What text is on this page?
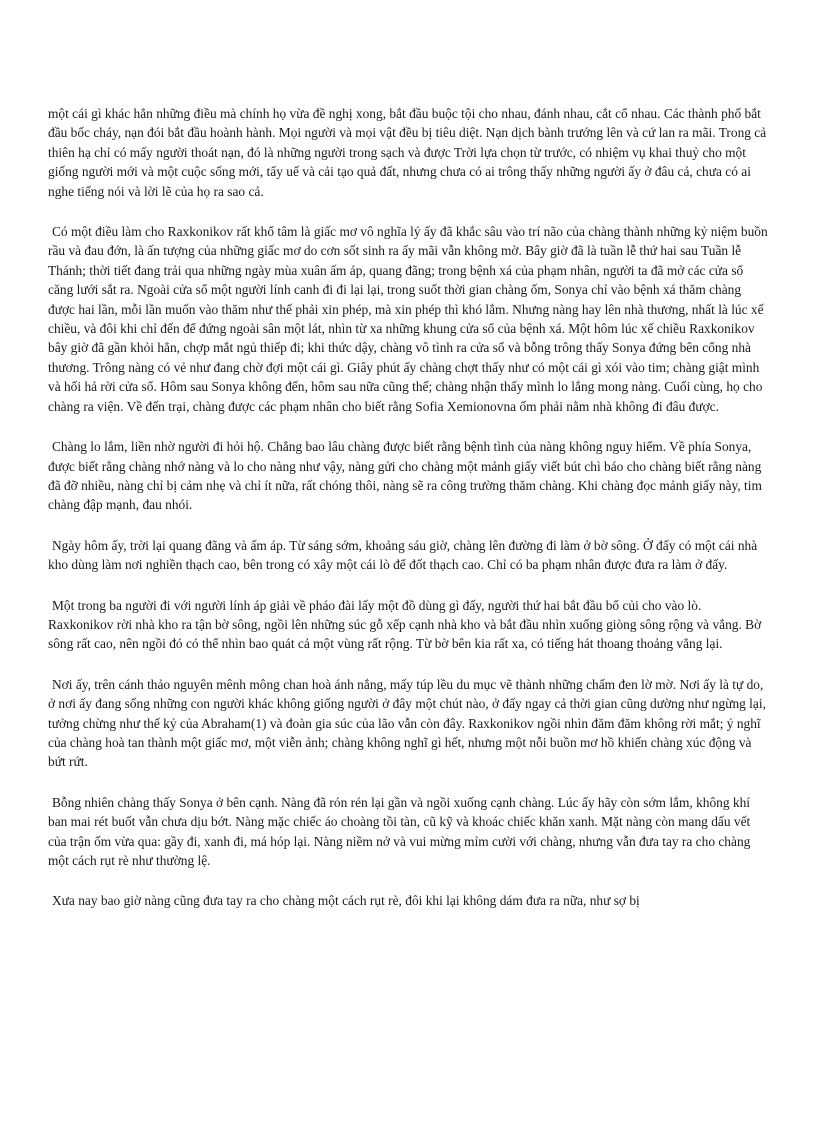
một cái gì khác hẳn những điều mà chính họ vừa đề nghị xong, bắt đầu buộc tội cho nhau, đánh nhau, cắt cổ nhau. Các thành phố bắt đầu bốc cháy, nạn đói bắt đầu hoành hành. Mọi người và mọi vật đều bị tiêu diệt. Nạn dịch bành trướng lên và cứ lan ra mãi. Trong cả thiên hạ chỉ có mấy người thoát nạn, đó là những người trong sạch và được Trời lựa chọn từ trước, có nhiệm vụ khai thuỷ cho một giống người mới và một cuộc sống mới, tẩy uế và cải tạo quả đất, nhưng chưa có ai trông thấy những người ấy ở đâu cả, chưa có ai nghe tiếng nói và lời lẽ của họ ra sao cả.

Có một điều làm cho Raxkonikov rất khổ tâm là giấc mơ vô nghĩa lý ấy đã khắc sâu vào trí não của chàng thành những kỷ niệm buồn rầu và đau đớn, là ấn tượng của những giấc mơ do cơn sốt sinh ra ấy mãi vẫn không mờ. Bây giờ đã là tuần lễ thứ hai sau Tuần lễ Thánh; thời tiết đang trải qua những ngày mùa xuân ấm áp, quang đãng; trong bệnh xá của phạm nhân, người ta đã mở các cửa sổ căng lưới sắt ra. Ngoài cửa sổ một người lính canh đi đi lại lại, trong suốt thời gian chàng ốm, Sonya chỉ vào bệnh xá thăm chàng được hai lần, mỗi lần muốn vào thăm như thế phải xin phép, mà xin phép thì khó lắm. Nhưng nàng hay lên nhà thương, nhất là lúc xế chiều, và đôi khi chỉ đến để đứng ngoài sân một lát, nhìn từ xa những khung cửa sổ của bệnh xá. Một hôm lúc xế chiều Raxkonikov bây giờ đã gần khỏi hẳn, chợp mắt ngủ thiếp đi; khi thức dậy, chàng vô tình ra cửa sổ và bỗng trông thấy Sonya đứng bên cổng nhà thương. Trông nàng có vẻ như đang chờ đợi một cái gì. Giây phút ấy chàng chợt thấy như có một cái gì xói vào tim; chàng giật mình và hối hả rời cửa sổ. Hôm sau Sonya không đến, hôm sau nữa cũng thế; chàng nhận thấy mình lo lắng mong nàng. Cuối cùng, họ cho chàng ra viện. Về đến trại, chàng được các phạm nhân cho biết rằng Sofia Xemionovna ốm phải nằm nhà không đi đâu được.

Chàng lo lắm, liền nhờ người đi hỏi hộ. Chẳng bao lâu chàng được biết rằng bệnh tình của nàng không nguy hiểm. Về phía Sonya, được biết rằng chàng nhớ nàng và lo cho nàng như vậy, nàng gửi cho chàng một mảnh giấy viết bút chì báo cho chàng biết rằng nàng đã đỡ nhiều, nàng chỉ bị cảm nhẹ và chỉ ít nữa, rất chóng thôi, nàng sẽ ra công trường thăm chàng. Khi chàng đọc mảnh giấy này, tim chàng đập mạnh, đau nhói.

Ngày hôm ấy, trời lại quang đãng và ấm áp. Từ sáng sớm, khoảng sáu giờ, chàng lên đường đi làm ở bờ sông. Ở đấy có một cái nhà kho dùng làm nơi nghiền thạch cao, bên trong có xây một cái lò để đốt thạch cao. Chỉ có ba phạm nhân được đưa ra làm ở đấy.

Một trong ba người đi với người lính áp giải về pháo đài lấy một đồ dùng gì đấy, người thứ hai bắt đầu bổ củi cho vào lò. Raxkonikov rời nhà kho ra tận bờ sông, ngồi lên những súc gỗ xếp cạnh nhà kho và bắt đầu nhìn xuống giòng sông rộng và vắng. Bờ sông rất cao, nên ngồi đó có thể nhìn bao quát cả một vùng rất rộng. Từ bờ bên kia rất xa, có tiếng hát thoang thoảng vẳng lại.

Nơi ấy, trên cánh thảo nguyên mênh mông chan hoà ánh nắng, mấy túp lều du mục vẽ thành những chấm đen lờ mờ. Nơi ấy là tự do, ở nơi ấy đang sống những con người khác không giống người ở đây một chút nào, ở đấy ngay cả thời gian cũng dường như ngừng lại, tưởng chừng như thế kỷ của Abraham(1) và đoàn gia súc của lão vẫn còn đây. Raxkonikov ngồi nhìn đăm đăm không rời mắt; ý nghĩ của chàng hoà tan thành một giấc mơ, một viễn ảnh; chàng không nghĩ gì hết, nhưng một nỗi buồn mơ hồ khiến chàng xúc động và bứt rứt.

Bỗng nhiên chàng thấy Sonya ở bên cạnh. Nàng đã rón rén lại gần và ngồi xuống cạnh chàng. Lúc ấy hãy còn sớm lắm, không khí ban mai rét buốt vẫn chưa dịu bớt. Nàng mặc chiếc áo choàng tồi tàn, cũ kỹ và khoác chiếc khăn xanh. Mặt nàng còn mang dấu vết của trận ốm vừa qua: gầy đi, xanh đi, má hóp lại. Nàng niềm nở và vui mừng mỉm cười với chàng, nhưng vẫn đưa tay ra cho chàng một cách rụt rè như thường lệ.

Xưa nay bao giờ nàng cũng đưa tay ra cho chàng một cách rụt rè, đôi khi lại không dám đưa ra nữa, như sợ bị
